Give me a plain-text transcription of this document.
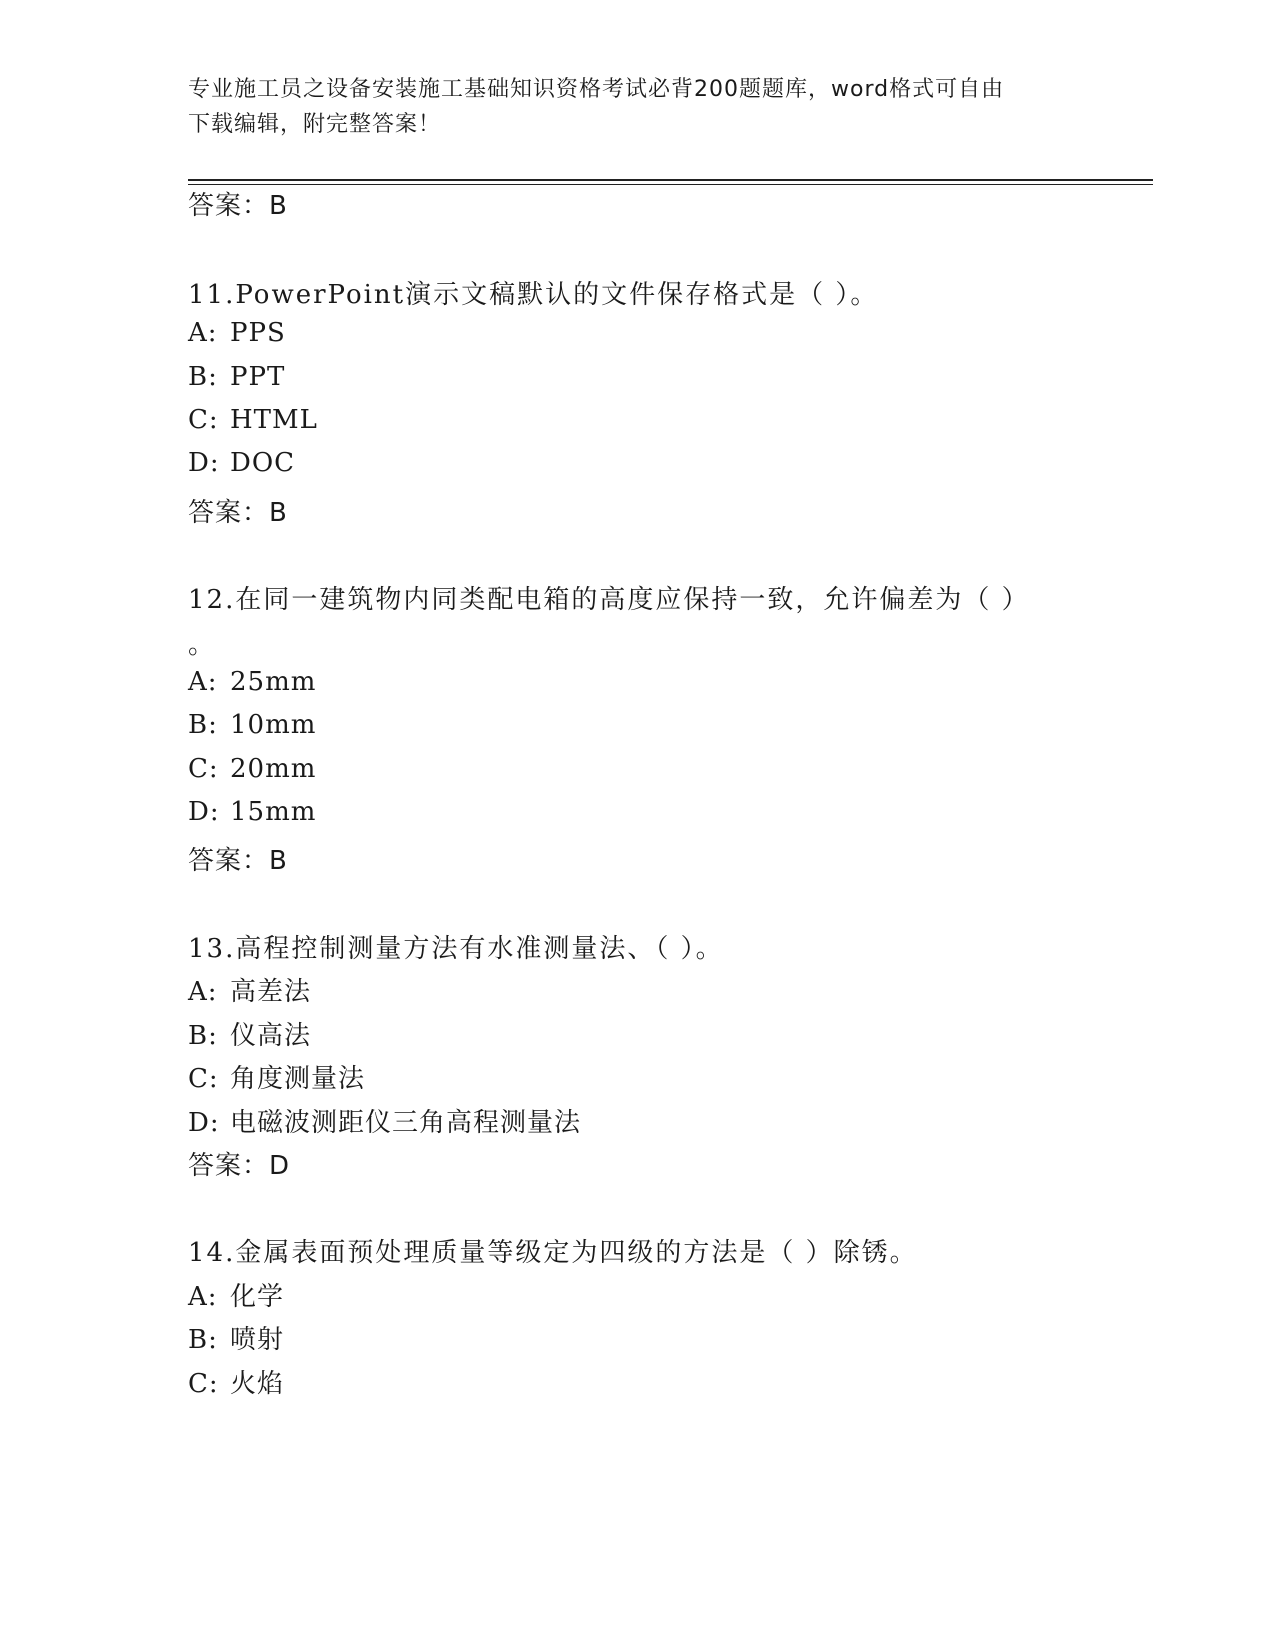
专业施工员之设备安装施工基础知识资格考试必背200题题库，word格式可自由
下载编辑，附完整答案！
答案：B
11.PowerPoint演示文稿默认的文件保存格式是（ ）。
A: PPS
B: PPT
C: HTML
D: DOC
答案：B
12.在同一建筑物内同类配电箱的高度应保持一致，允许偏差为（ ）
。
A: 25mm
B: 10mm
C: 20mm
D: 15mm
答案：B
13.高程控制测量方法有水准测量法、（ ）。
A: 高差法
B: 仪高法
C: 角度测量法
D: 电磁波测距仪三角高程测量法
答案：D
14.金属表面预处理质量等级定为四级的方法是（ ）除锈。
A: 化学
B: 喷射
C: 火焰
